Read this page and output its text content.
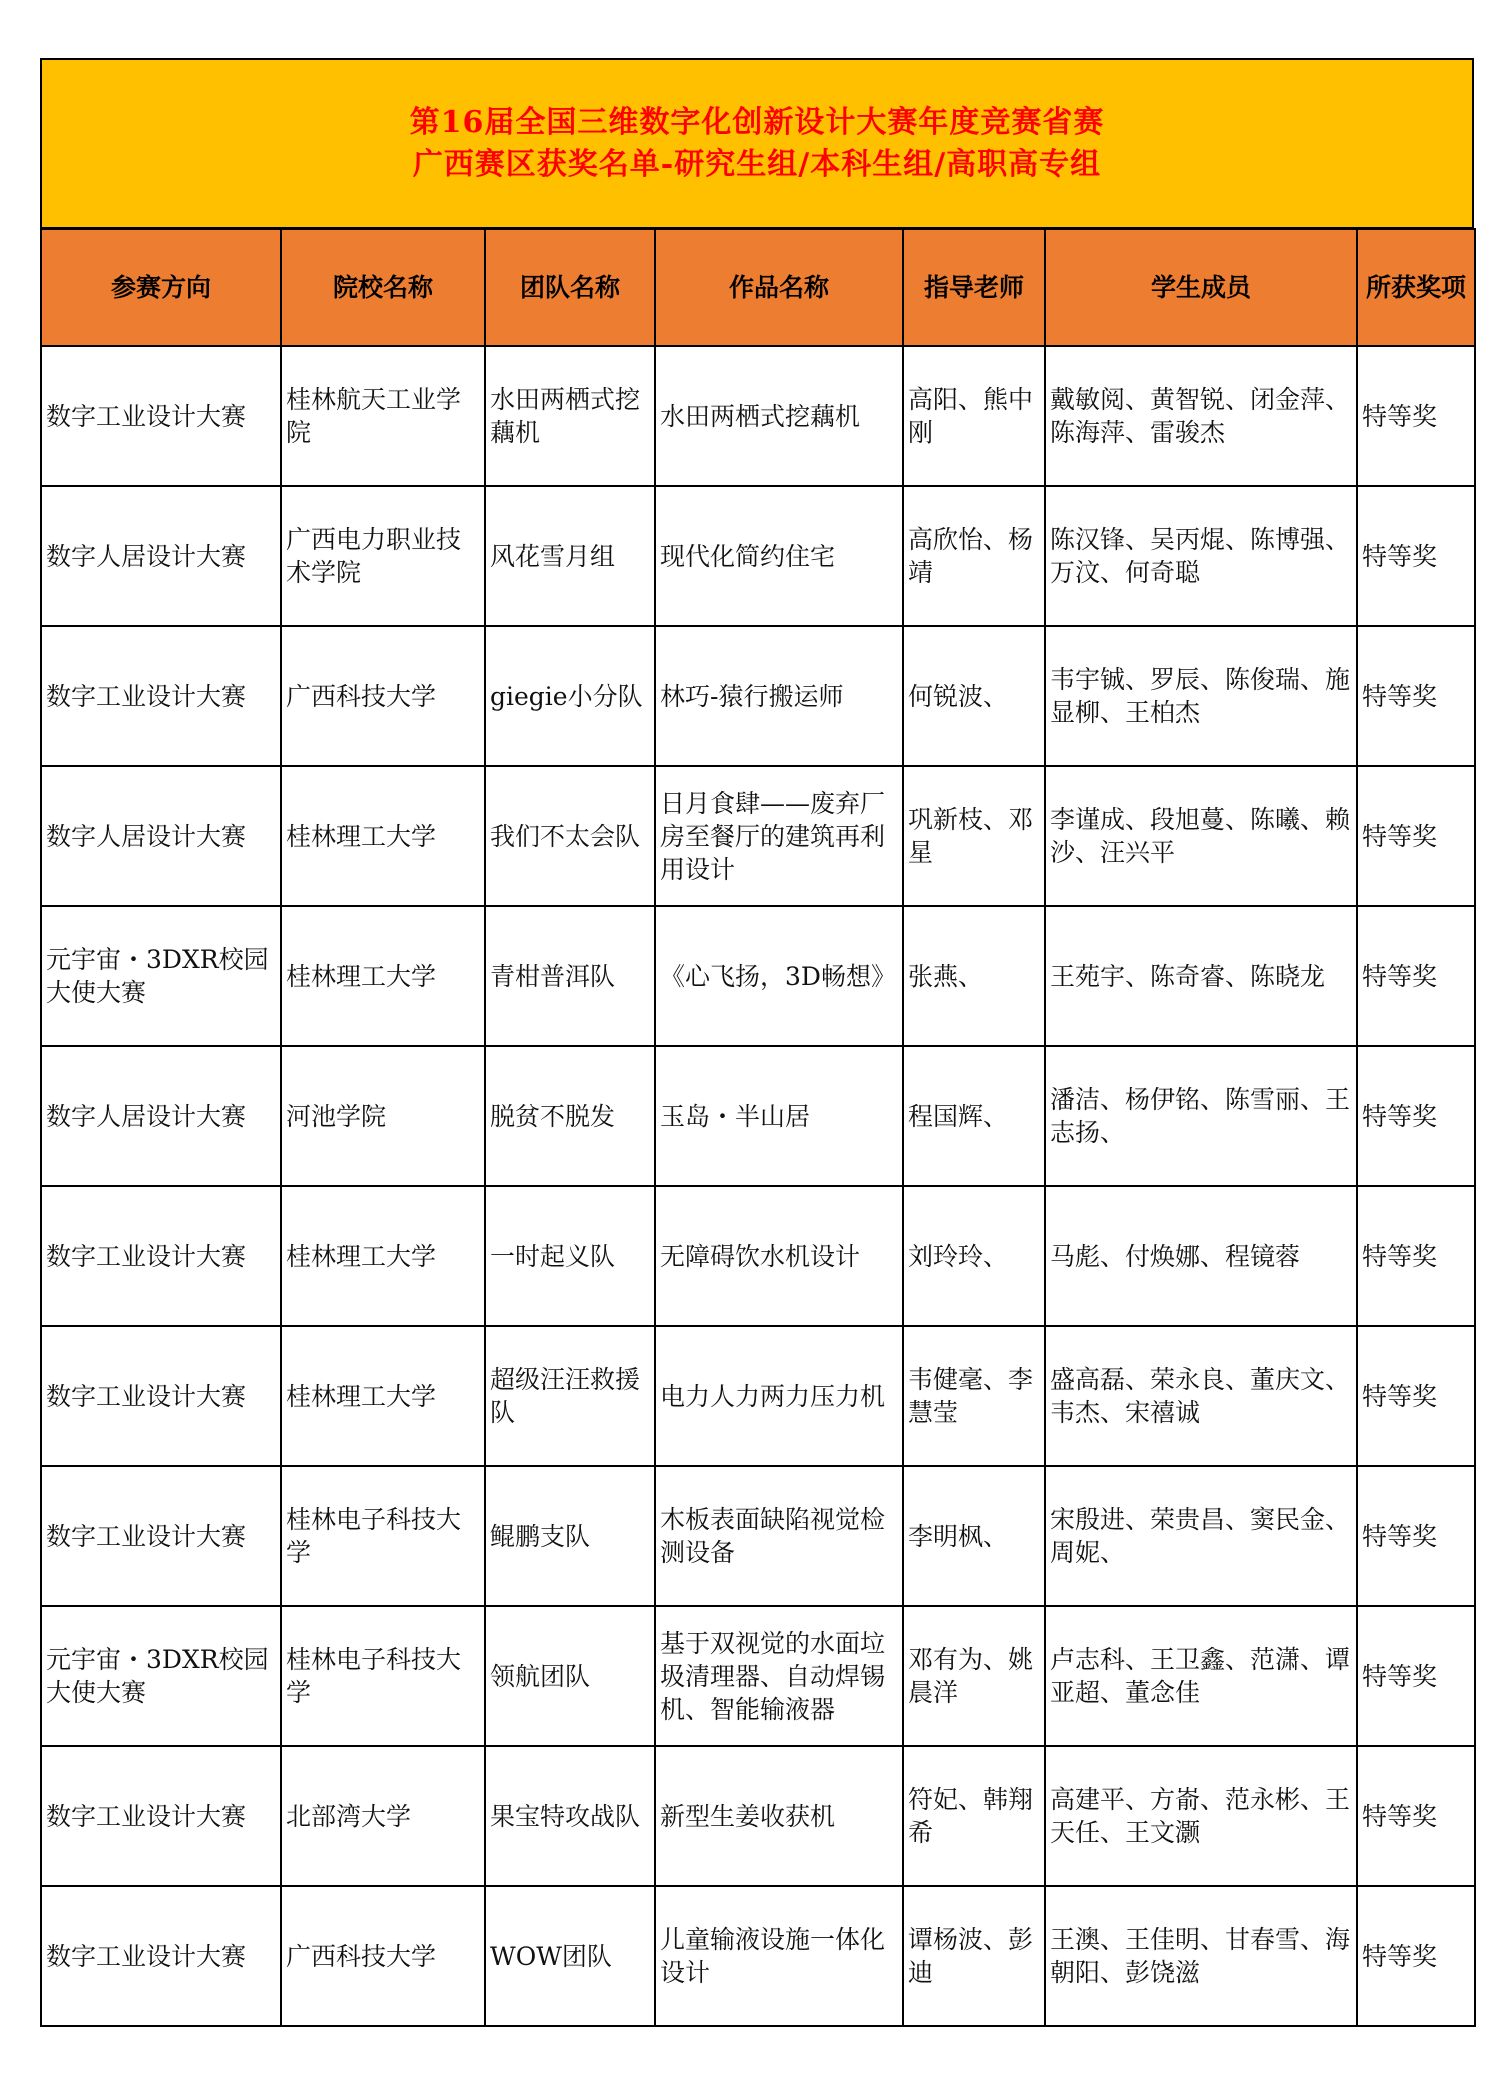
第16届全国三维数字化创新设计大赛年度竞赛省赛
广西赛区获奖名单-研究生组/本科生组/高职高专组
参赛方向	院校名称	团队名称	作品名称	指导老师	学生成员	所获奖项
数字工业设计大赛	桂林航天工业学院	水田两栖式挖藕机	水田两栖式挖藕机	高阳、熊中刚	戴敏阅、黄智锐、闭金萍、陈海萍、雷骏杰	特等奖
数字人居设计大赛	广西电力职业技术学院	风花雪月组	现代化简约住宅	高欣怡、杨靖	陈汉锋、吴丙焜、陈博强、万汶、何奇聪	特等奖
数字工业设计大赛	广西科技大学	giegie小分队	林巧-猿行搬运师	何锐波、	韦宇铖、罗辰、陈俊瑞、施显柳、王柏杰	特等奖
数字人居设计大赛	桂林理工大学	我们不太会队	日月食肆——废弃厂房至餐厅的建筑再利用设计	巩新枝、邓星	李谨成、段旭蔓、陈曦、赖沙、汪兴平	特等奖
元宇宙・3DXR校园大使大赛	桂林理工大学	青柑普洱队	《心飞扬，3D畅想》	张燕、	王苑宇、陈奇睿、陈晓龙	特等奖
数字人居设计大赛	河池学院	脱贫不脱发	玉岛・半山居	程国辉、	潘洁、杨伊铭、陈雪丽、王志扬、	特等奖
数字工业设计大赛	桂林理工大学	一时起义队	无障碍饮水机设计	刘玲玲、	马彪、付焕娜、程镜蓉	特等奖
数字工业设计大赛	桂林理工大学	超级汪汪救援队	电力人力两力压力机	韦健毫、李慧莹	盛高磊、荣永良、董庆文、韦杰、宋禧诚	特等奖
数字工业设计大赛	桂林电子科技大学	鲲鹏支队	木板表面缺陷视觉检测设备	李明枫、	宋殷进、荣贵昌、窦民金、周妮、	特等奖
元宇宙・3DXR校园大使大赛	桂林电子科技大学	领航团队	基于双视觉的水面垃圾清理器、自动焊锡机、智能输液器	邓有为、姚晨洋	卢志科、王卫鑫、范潇、谭亚超、董念佳	特等奖
数字工业设计大赛	北部湾大学	果宝特攻战队	新型生姜收获机	符妃、韩翔希	高建平、方嵛、范永彬、王天任、王文灏	特等奖
数字工业设计大赛	广西科技大学	WOW团队	儿童输液设施一体化设计	谭杨波、彭迪	王澳、王佳明、甘春雪、海朝阳、彭饶滋	特等奖
